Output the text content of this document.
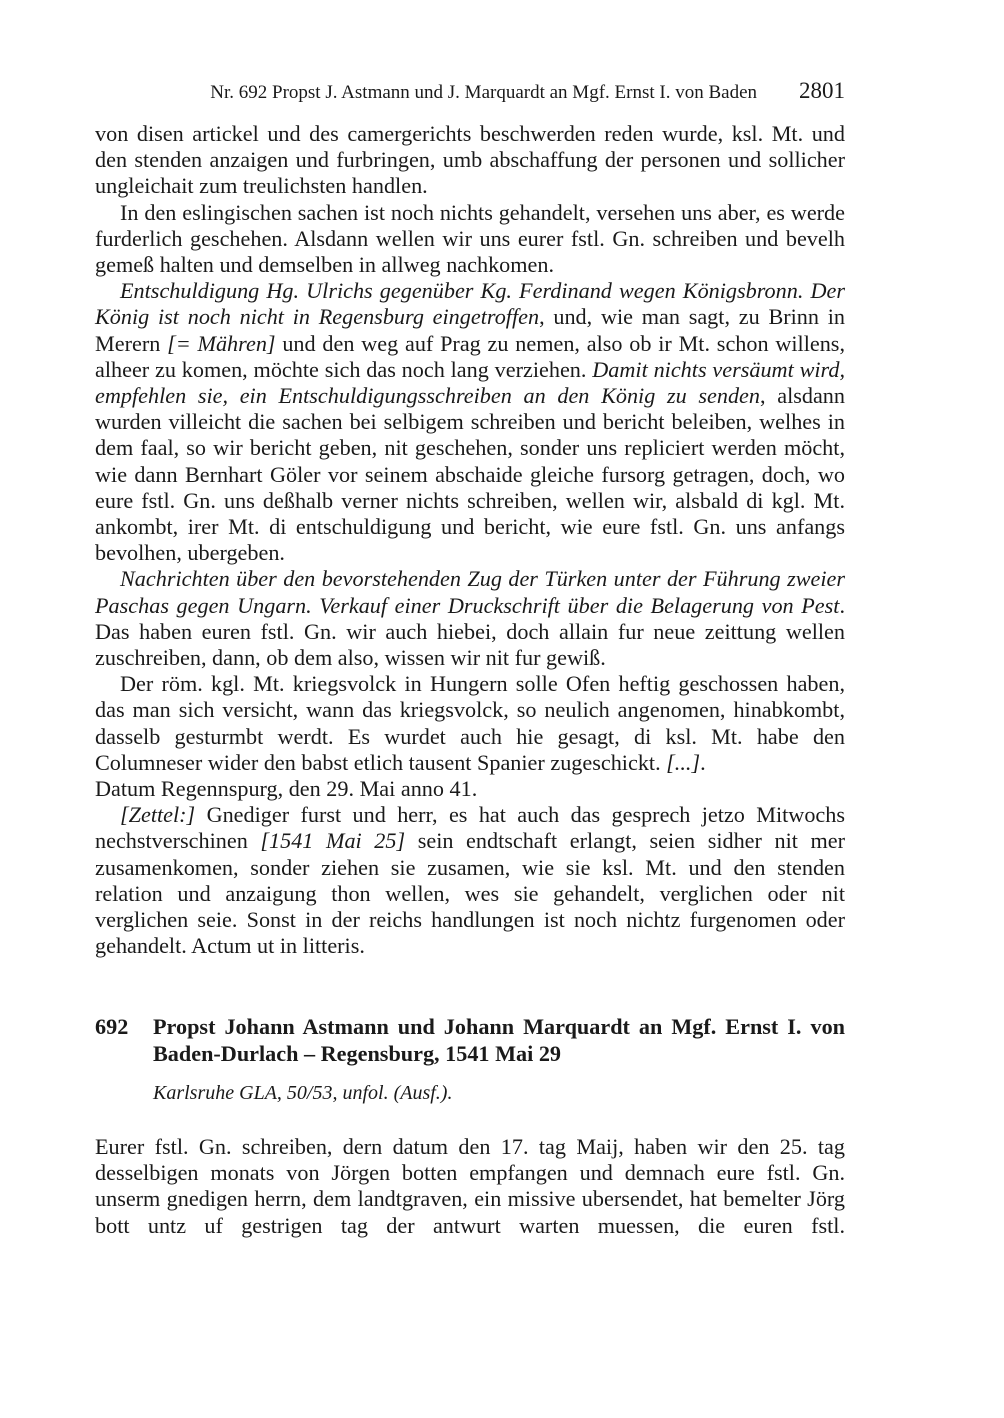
Nr. 692 Propst J. Astmann und J. Marquardt an Mgf. Ernst I. von Baden 2801

von disen artickel und des camergerichts beschwerden reden wurde, ksl. Mt. und den stenden anzaigen und furbringen, umb abschaffung der personen und sollicher ungleichait zum treulichsten handlen.

In den eslingischen sachen ist noch nichts gehandelt, versehen uns aber, es werde furderlich geschehen. Alsdann wellen wir uns eurer fstl. Gn. schreiben und bevelh gemeß halten und demselben in allweg nachkomen.

Entschuldigung Hg. Ulrichs gegenüber Kg. Ferdinand wegen Königsbronn. Der König ist noch nicht in Regensburg eingetroffen, und, wie man sagt, zu Brinn in Merern [= Mähren] und den weg auf Prag zu nemen, also ob ir Mt. schon willens, alheer zu komen, möchte sich das noch lang verziehen. Damit nichts versäumt wird, empfehlen sie, ein Entschuldigungsschreiben an den König zu senden, alsdann wurden villeicht die sachen bei selbigem schreiben und bericht beleiben, welhes in dem faal, so wir bericht geben, nit geschehen, sonder uns repliciert werden möcht, wie dann Bernhart Göler vor seinem abschaide gleiche fursorg getragen, doch, wo eure fstl. Gn. uns deßhalb verner nichts schreiben, wellen wir, alsbald di kgl. Mt. ankombt, irer Mt. di entschuldigung und bericht, wie eure fstl. Gn. uns anfangs bevolhen, ubergeben.

Nachrichten über den bevorstehenden Zug der Türken unter der Führung zweier Paschas gegen Ungarn. Verkauf einer Druckschrift über die Belagerung von Pest. Das haben euren fstl. Gn. wir auch hiebei, doch allain fur neue zeittung wellen zuschreiben, dann, ob dem also, wissen wir nit fur gewiß.

Der röm. kgl. Mt. kriegsvolck in Hungern solle Ofen heftig geschossen haben, das man sich versicht, wann das kriegsvolck, so neulich angenomen, hinabkombt, dasselb gesturmbt werdt. Es wurdet auch hie gesagt, di ksl. Mt. habe den Columneser wider den babst etlich tausent Spanier zugeschickt. [...].

Datum Regennspurg, den 29. Mai anno 41.

[Zettel:] Gnediger furst und herr, es hat auch das gesprech jetzo Mitwochs nechstverschinen [1541 Mai 25] sein endtschaft erlangt, seien sidher nit mer zusamenkomen, sonder ziehen sie zusamen, wie sie ksl. Mt. und den stenden relation und anzaigung thon wellen, wes sie gehandelt, verglichen oder nit verglichen seie. Sonst in der reichs handlungen ist noch nichtz furgenomen oder gehandelt. Actum ut in litteris.

692 Propst Johann Astmann und Johann Marquardt an Mgf. Ernst I. von Baden-Durlach – Regensburg, 1541 Mai 29
Karlsruhe GLA, 50/53, unfol. (Ausf.).

Eurer fstl. Gn. schreiben, dern datum den 17. tag Maij, haben wir den 25. tag desselbigen monats von Jörgen botten empfangen und demnach eure fstl. Gn. unserm gnedigen herrn, dem landtgraven, ein missive ubersendet, hat bemelter Jörg bott untz uf gestrigen tag der antwurt warten muessen, die euren fstl.
